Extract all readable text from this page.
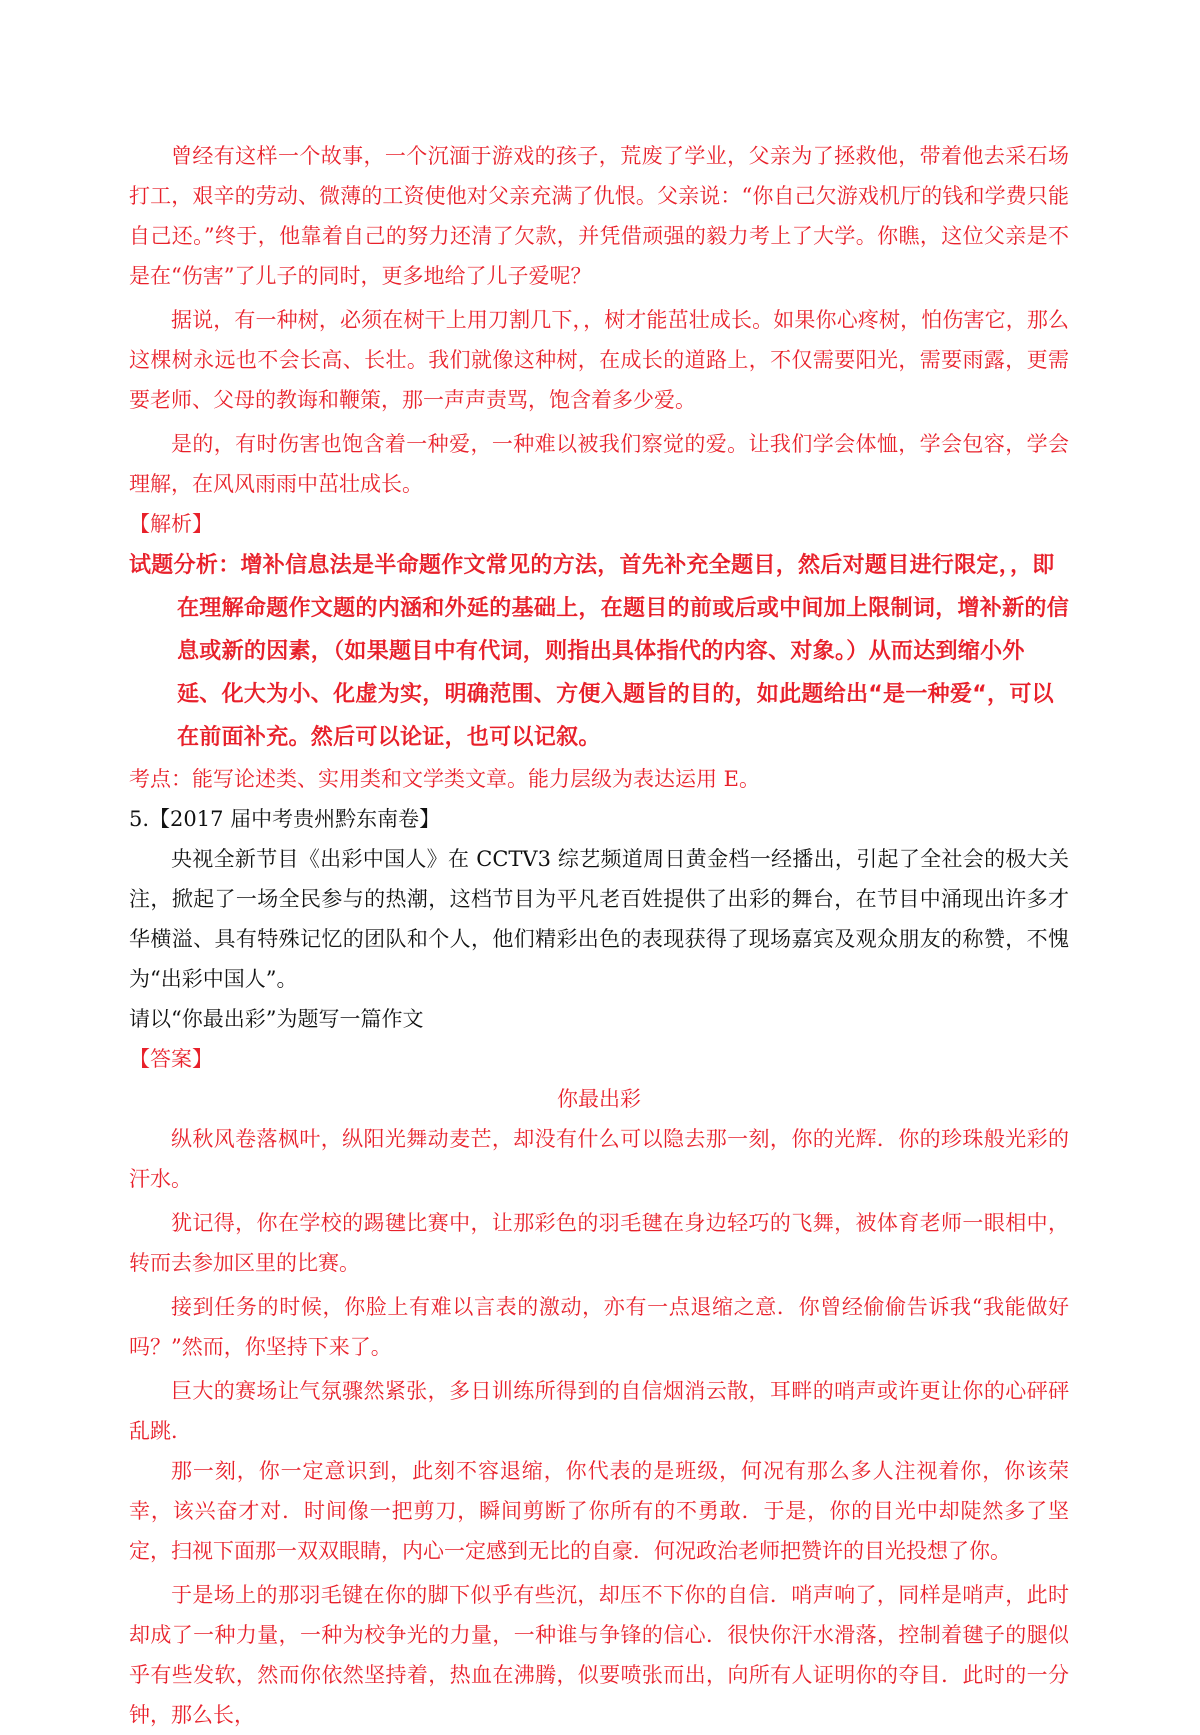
曾经有这样一个故事，一个沉湎于游戏的孩子，荒废了学业，父亲为了拯救他，带着他去采石场打工，艰辛的劳动、微薄的工资使他对父亲充满了仇恨。父亲说：“你自己欠游戏机厅的钱和学费只能自己还。”终于，他靠着自己的努力还清了欠款，并凭借顽强的毅力考上了大学。你瞧，这位父亲是不是在“伤害”了儿子的同时，更多地给了儿子爱呢？

据说，有一种树，必须在树干上用刀割几下，，树才能茁壮成长。如果你心疼树，怕伤害它，那么这棵树永远也不会长高、长壮。我们就像这种树，在成长的道路上，不仅需要阳光，需要雨露，更需要老师、父母的教诲和鞭策，那一声声责骂，饱含着多少爱。

是的，有时伤害也饱含着一种爱，一种难以被我们察觉的爱。让我们学会体恤，学会包容，学会理解，在风风雨雨中茁壮成长。

【解析】

试题分析：增补信息法是半命题作文常见的方法，首先补充全题目，然后对题目进行限定，，即在理解命题作文题的内涵和外延的基础上，在题目的前或后或中间加上限制词，增补新的信息或新的因素，（如果题目中有代词，则指出具体指代的内容、对象。）从而达到缩小外延、化大为小、化虚为实，明确范围、方便入题旨的目的，如此题给出“是一种爱“，可以在前面补充。然后可以论证，也可以记叙。

考点：能写论述类、实用类和文学类文章。能力层级为表达运用 E。

5.【2017 届中考贵州黔东南卷】

央视全新节目《出彩中国人》在 CCTV3 综艺频道周日黄金档一经播出，引起了全社会的极大关注，掀起了一场全民参与的热潮，这档节目为平凡老百姓提供了出彩的舞台，在节目中涌现出许多才华横溢、具有特殊记忆的团队和个人，他们精彩出色的表现获得了现场嘉宾及观众朋友的称赞，不愧为“出彩中国人”。

请以“你最出彩”为题写一篇作文

【答案】

你最出彩

纵秋风卷落枫叶，纵阳光舞动麦芒，却没有什么可以隐去那一刻，你的光辉．你的珍珠般光彩的汗水。

犹记得，你在学校的踢毽比赛中，让那彩色的羽毛毽在身边轻巧的飞舞，被体育老师一眼相中，转而去参加区里的比赛。

接到任务的时候，你脸上有难以言表的激动，亦有一点退缩之意．你曾经偷偷告诉我“我能做好吗？”然而，你坚持下来了。

巨大的赛场让气氛骤然紧张，多日训练所得到的自信烟消云散，耳畔的哨声或许更让你的心砰砰乱跳．

那一刻，你一定意识到，此刻不容退缩，你代表的是班级，何况有那么多人注视着你，你该荣幸，该兴奋才对．时间像一把剪刀，瞬间剪断了你所有的不勇敢．于是，你的目光中却陡然多了坚定，扫视下面那一双双眼睛，内心一定感到无比的自豪．何况政治老师把赞许的目光投想了你。

于是场上的那羽毛键在你的脚下似乎有些沉，却压不下你的自信．哨声响了，同样是哨声，此时却成了一种力量，一种为校争光的力量，一种谁与争锋的信心．很快你汗水滑落，控制着毽子的腿似乎有些发软，然而你依然坚持着，热血在沸腾，似要喷张而出，向所有人证明你的夺目．此时的一分钟，那么长，
